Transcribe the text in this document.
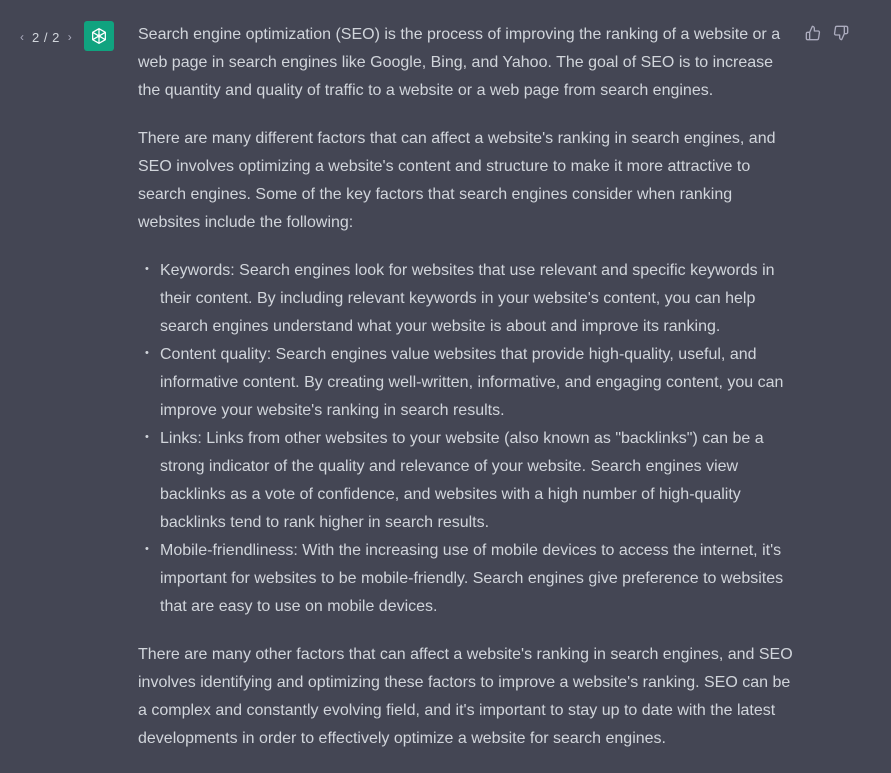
‹ 2 / 2 ›	Search engine optimization (SEO) is the process of improving the ranking of a website or a web page in search engines like Google, Bing, and Yahoo. The goal of SEO is to increase the quantity and quality of traffic to a website or a web page from search engines.

There are many different factors that can affect a website's ranking in search engines, and SEO involves optimizing a website's content and structure to make it more attractive to search engines. Some of the key factors that search engines consider when ranking websites include the following:

• Keywords: Search engines look for websites that use relevant and specific keywords in their content. By including relevant keywords in your website's content, you can help search engines understand what your website is about and improve its ranking.
• Content quality: Search engines value websites that provide high-quality, useful, and informative content. By creating well-written, informative, and engaging content, you can improve your website's ranking in search results.
• Links: Links from other websites to your website (also known as "backlinks") can be a strong indicator of the quality and relevance of your website. Search engines view backlinks as a vote of confidence, and websites with a high number of high-quality backlinks tend to rank higher in search results.
• Mobile-friendliness: With the increasing use of mobile devices to access the internet, it's important for websites to be mobile-friendly. Search engines give preference to websites that are easy to use on mobile devices.

There are many other factors that can affect a website's ranking in search engines, and SEO involves identifying and optimizing these factors to improve a website's ranking. SEO can be a complex and constantly evolving field, and it's important to stay up to date with the latest developments in order to effectively optimize a website for search engines.
